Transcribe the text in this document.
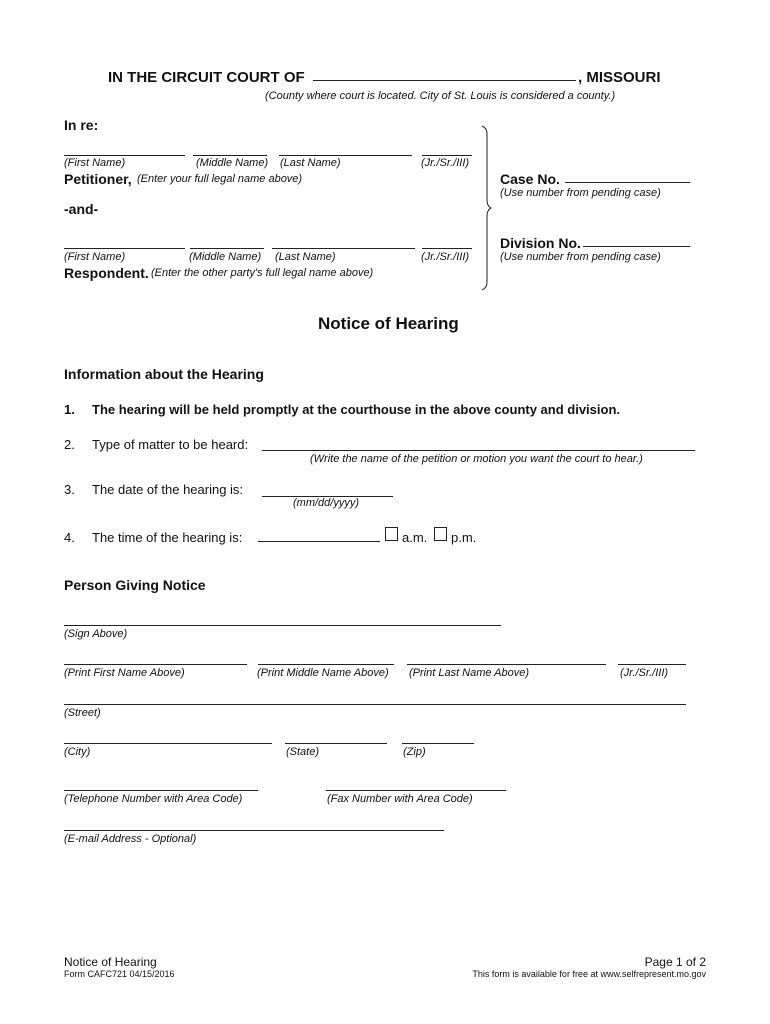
IN THE CIRCUIT COURT OF	, MISSOURI
(County where court is located. City of St. Louis is considered a county.)
In re:
(First Name)	(Middle Name) (Last Name)	(Jr./Sr./III)
Petitioner, (Enter your full legal name above)
-and-
(First Name)	(Middle Name) (Last Name)	(Jr./Sr./III)
Respondent. (Enter the other party's full legal name above)
Case No.
(Use number from pending case)
Division No.
(Use number from pending case)
Notice of Hearing
Information about the Hearing
1. The hearing will be held promptly at the courthouse in the above county and division.
2. Type of matter to be heard:
(Write the name of the petition or motion you want the court to hear.)
3. The date of the hearing is:
(mm/dd/yyyy)
4. The time of the hearing is:	a.m. p.m.
Person Giving Notice
(Sign Above)
(Print First Name Above)	(Print Middle Name Above) (Print Last Name Above)	(Jr./Sr./III)
(Street)
(City)	(State)	(Zip)
(Telephone Number with Area Code)	(Fax Number with Area Code)
(E-mail Address - Optional)
Notice of Hearing
Form CAFC721 04/15/2016
Page 1 of 2
This form is available for free at www.selfrepresent.mo.gov
